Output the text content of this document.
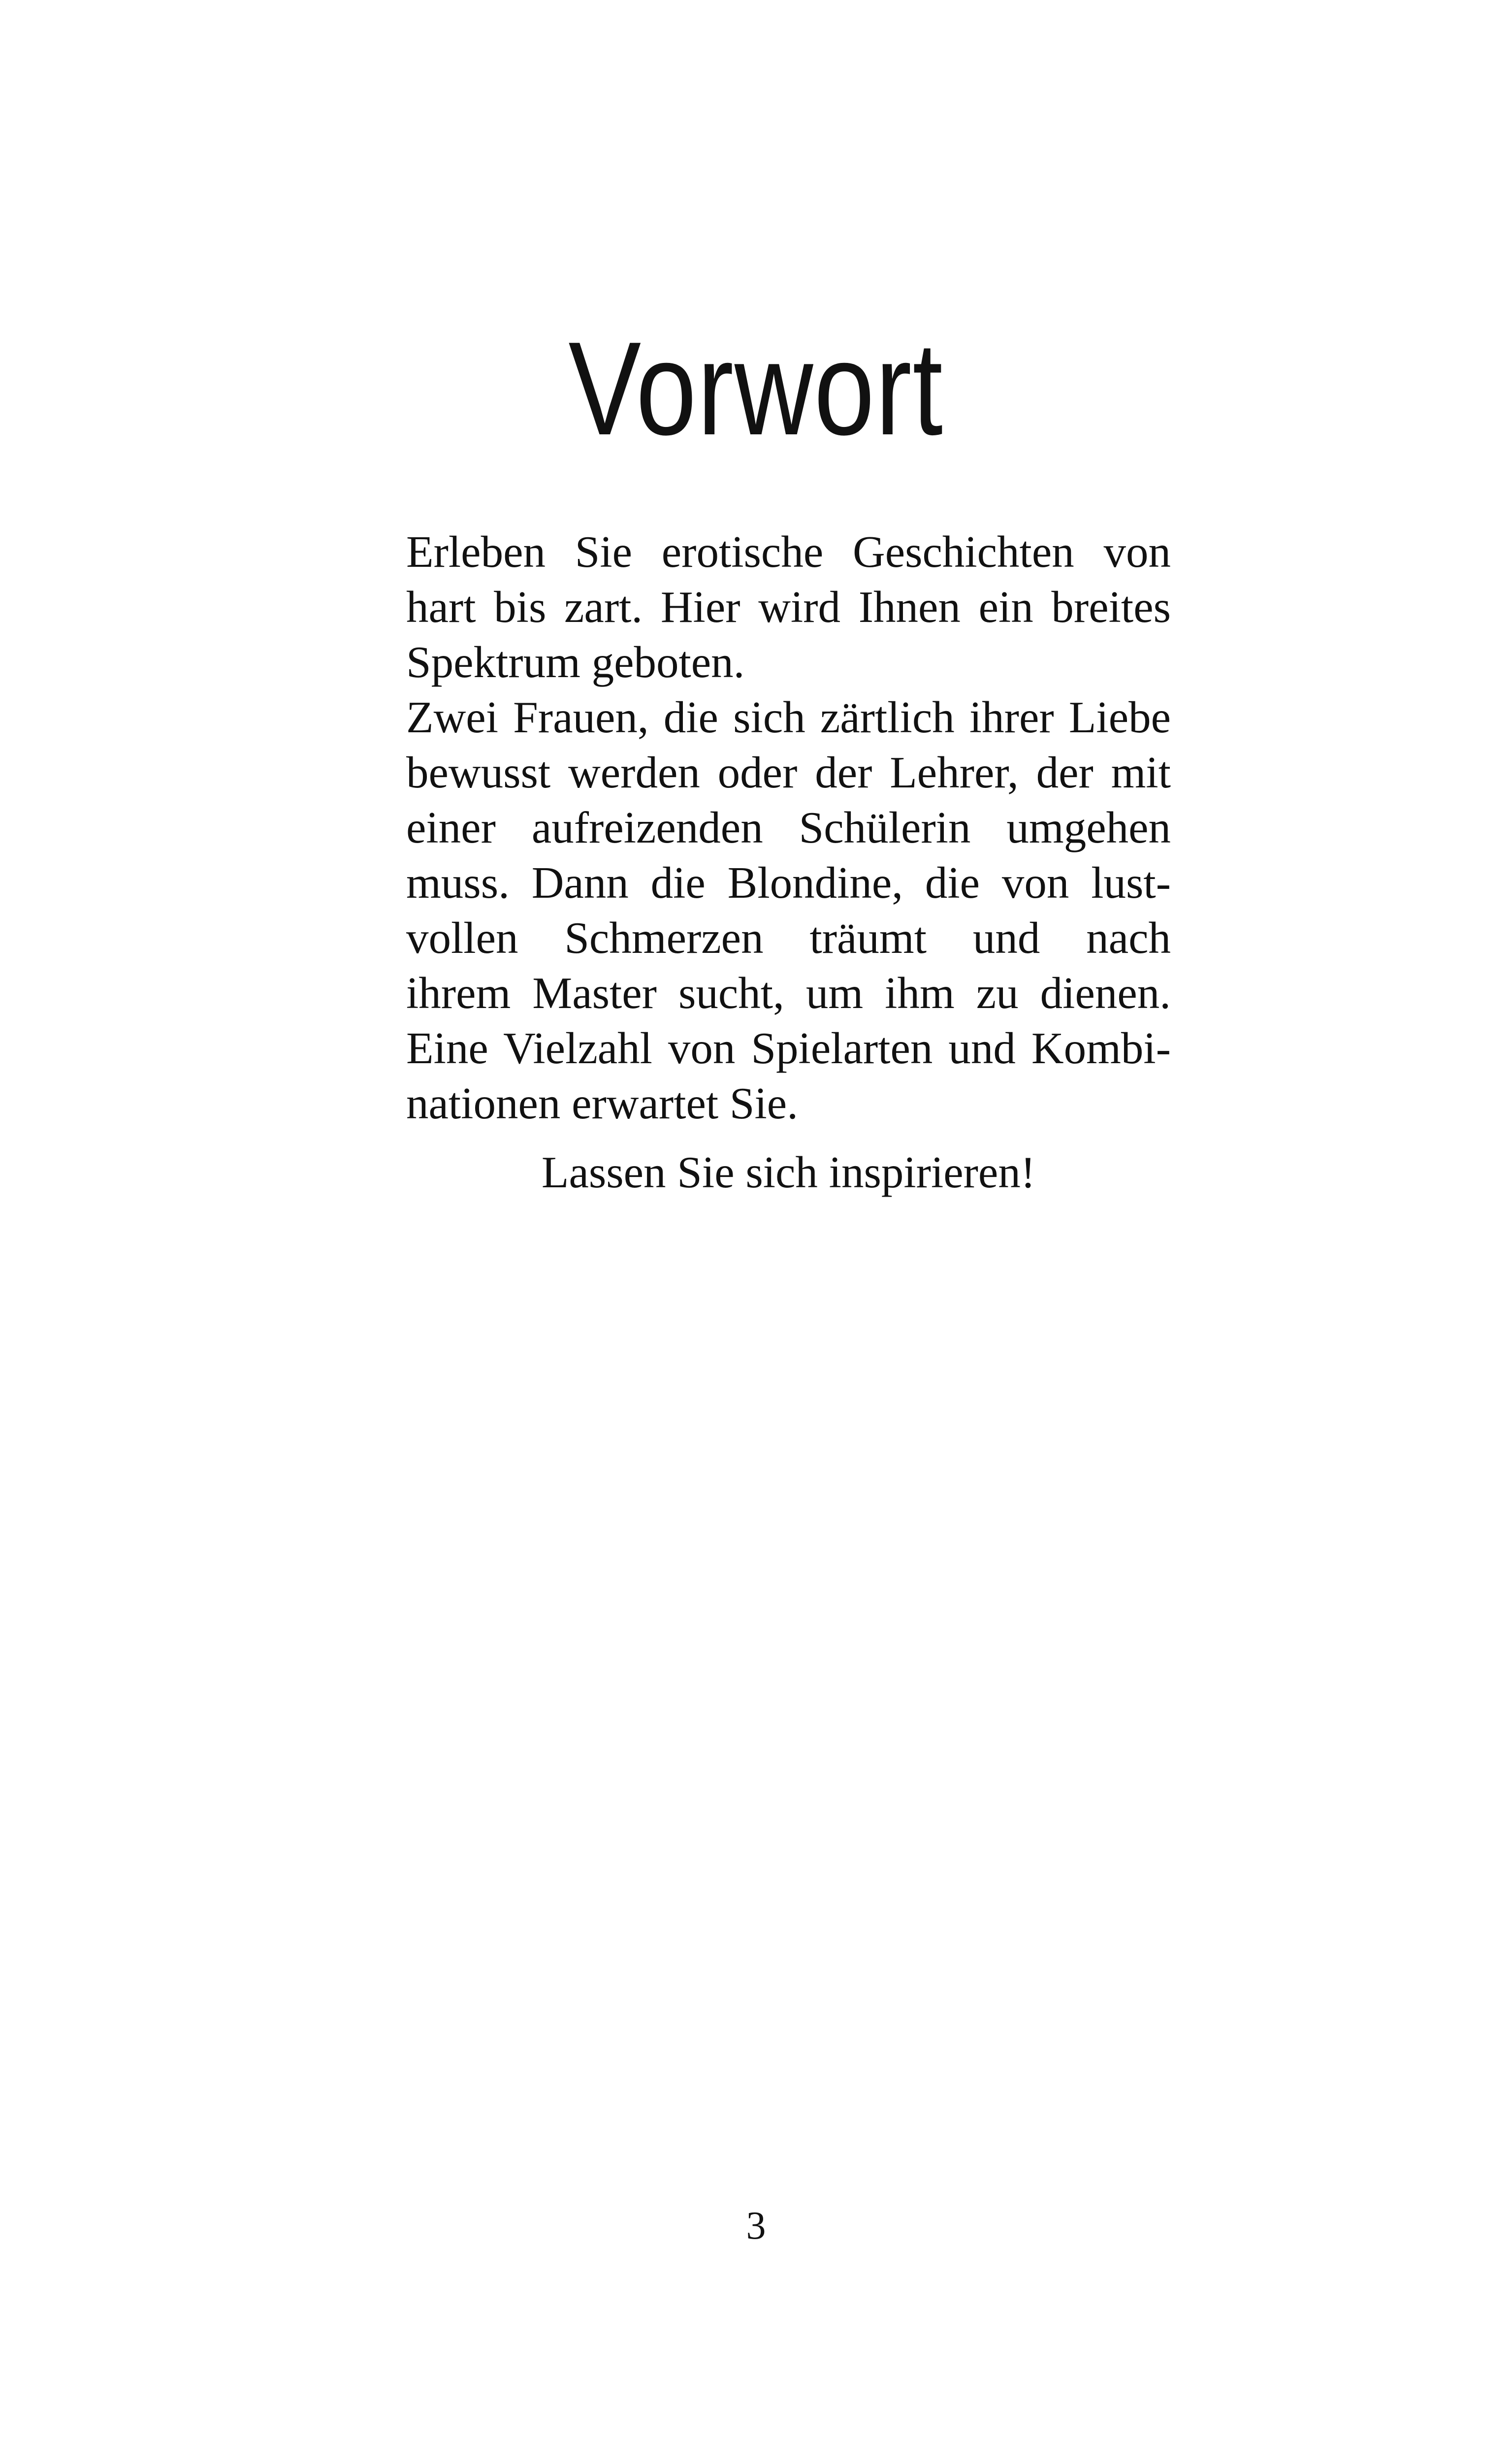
Vorwort
Erleben Sie erotische Geschichten von
hart bis zart. Hier wird Ihnen ein breites
Spektrum geboten.
Zwei Frauen, die sich zärtlich ihrer Liebe
bewusst werden oder der Lehrer, der mit
einer aufreizenden Schülerin umgehen
muss. Dann die Blondine, die von lust-
vollen Schmerzen träumt und nach
ihrem Master sucht, um ihm zu dienen.
Eine Vielzahl von Spielarten und Kombi-
nationen erwartet Sie.
Lassen Sie sich inspirieren!
3
